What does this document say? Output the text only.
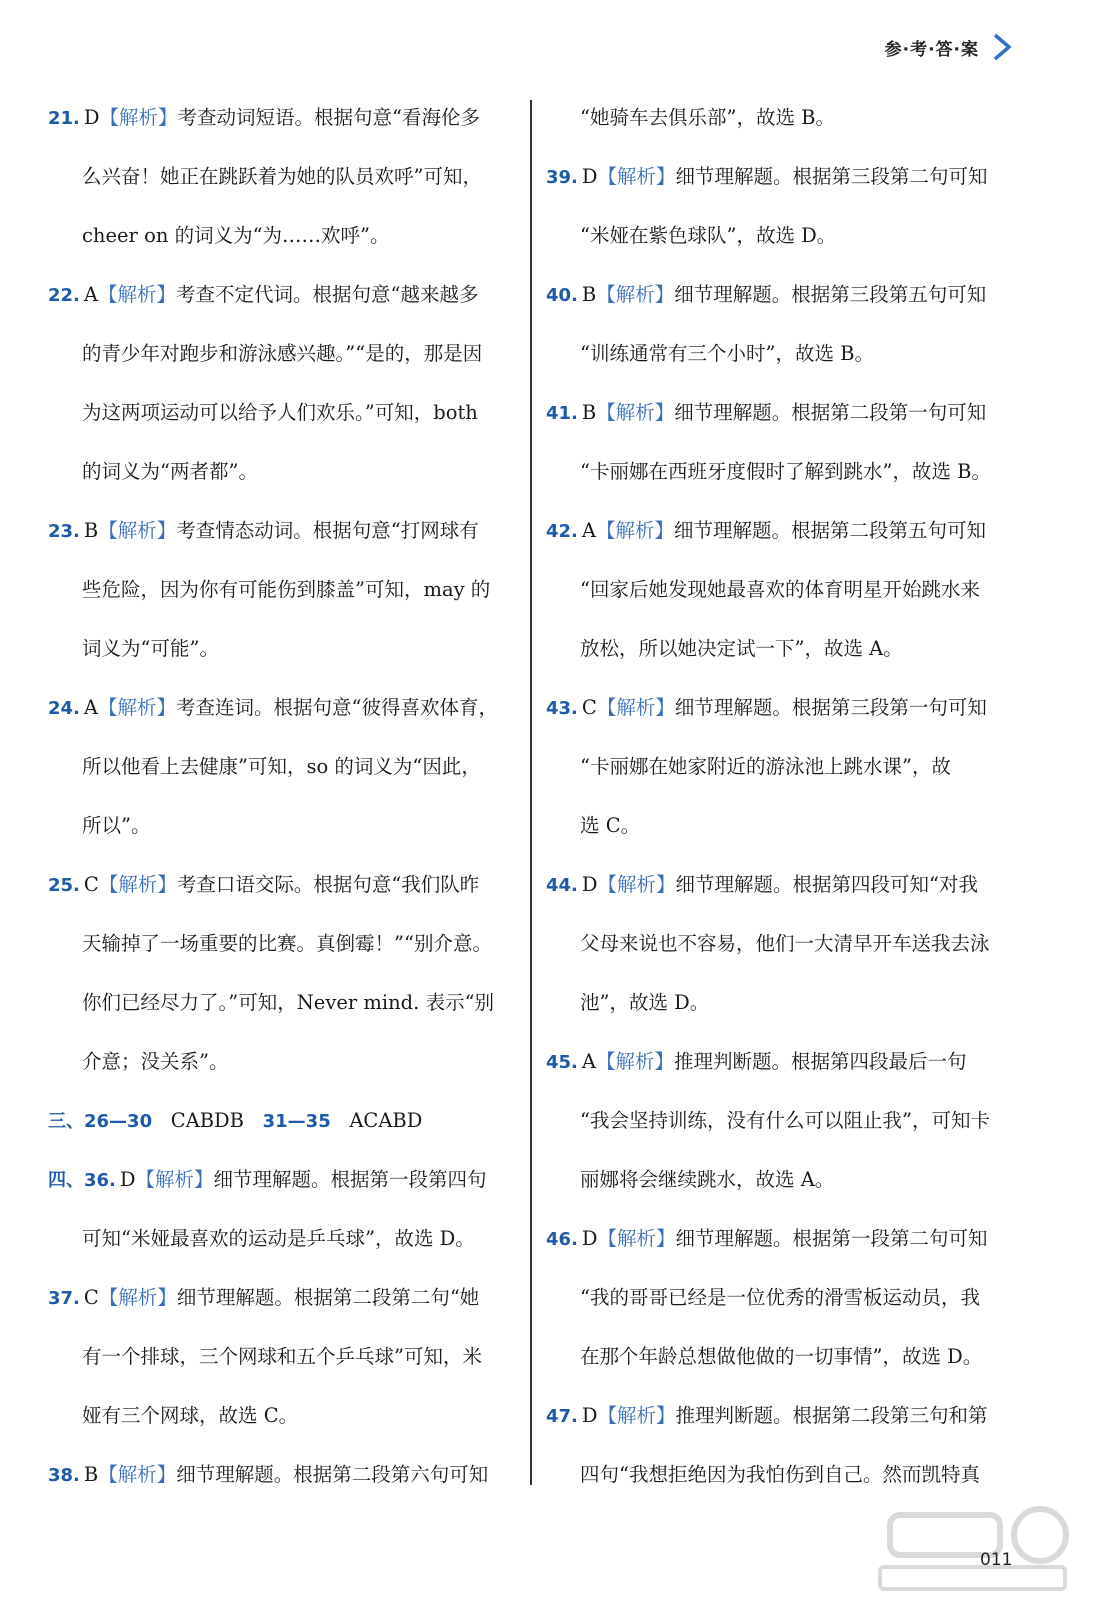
参·考·答·案
21. D【解析】考查动词短语。根据句意“看海伦多
么兴奋！她正在跳跃着为她的队员欢呼”可知，
cheer on 的词义为“为……欢呼”。
22. A【解析】考查不定代词。根据句意“越来越多
的青少年对跑步和游泳感兴趣。”“是的，那是因
为这两项运动可以给予人们欢乐。”可知，both
的词义为“两者都”。
23. B【解析】考查情态动词。根据句意“打网球有
些危险，因为你有可能伤到膝盖”可知，may 的
词义为“可能”。
24. A【解析】考查连词。根据句意“彼得喜欢体育，
所以他看上去健康”可知，so 的词义为“因此，
所以”。
25. C【解析】考查口语交际。根据句意“我们队昨
天输掉了一场重要的比赛。真倒霉！”“别介意。
你们已经尽力了。”可知，Never mind. 表示“别
介意；没关系”。
三、26—30 CABDB 31—35 ACABD
四、36. D【解析】细节理解题。根据第一段第四句
可知“米娅最喜欢的运动是乒乓球”，故选 D。
37. C【解析】细节理解题。根据第二段第二句“她
有一个排球，三个网球和五个乒乓球”可知，米
娅有三个网球，故选 C。
38. B【解析】细节理解题。根据第二段第六句可知
“她骑车去俱乐部”，故选 B。
39. D【解析】细节理解题。根据第三段第二句可知
“米娅在紫色球队”，故选 D。
40. B【解析】细节理解题。根据第三段第五句可知
“训练通常有三个小时”，故选 B。
41. B【解析】细节理解题。根据第二段第一句可知
“卡丽娜在西班牙度假时了解到跳水”，故选 B。
42. A【解析】细节理解题。根据第二段第五句可知
“回家后她发现她最喜欢的体育明星开始跳水来
放松，所以她决定试一下”，故选 A。
43. C【解析】细节理解题。根据第三段第一句可知
“卡丽娜在她家附近的游泳池上跳水课”，故
选 C。
44. D【解析】细节理解题。根据第四段可知“对我
父母来说也不容易，他们一大清早开车送我去泳
池”，故选 D。
45. A【解析】推理判断题。根据第四段最后一句
“我会坚持训练，没有什么可以阻止我”，可知卡
丽娜将会继续跳水，故选 A。
46. D【解析】细节理解题。根据第一段第二句可知
“我的哥哥已经是一位优秀的滑雪板运动员，我
在那个年龄总想做他做的一切事情”，故选 D。
47. D【解析】推理判断题。根据第二段第三句和第
四句“我想拒绝因为我怕伤到自己。然而凯特真
011
